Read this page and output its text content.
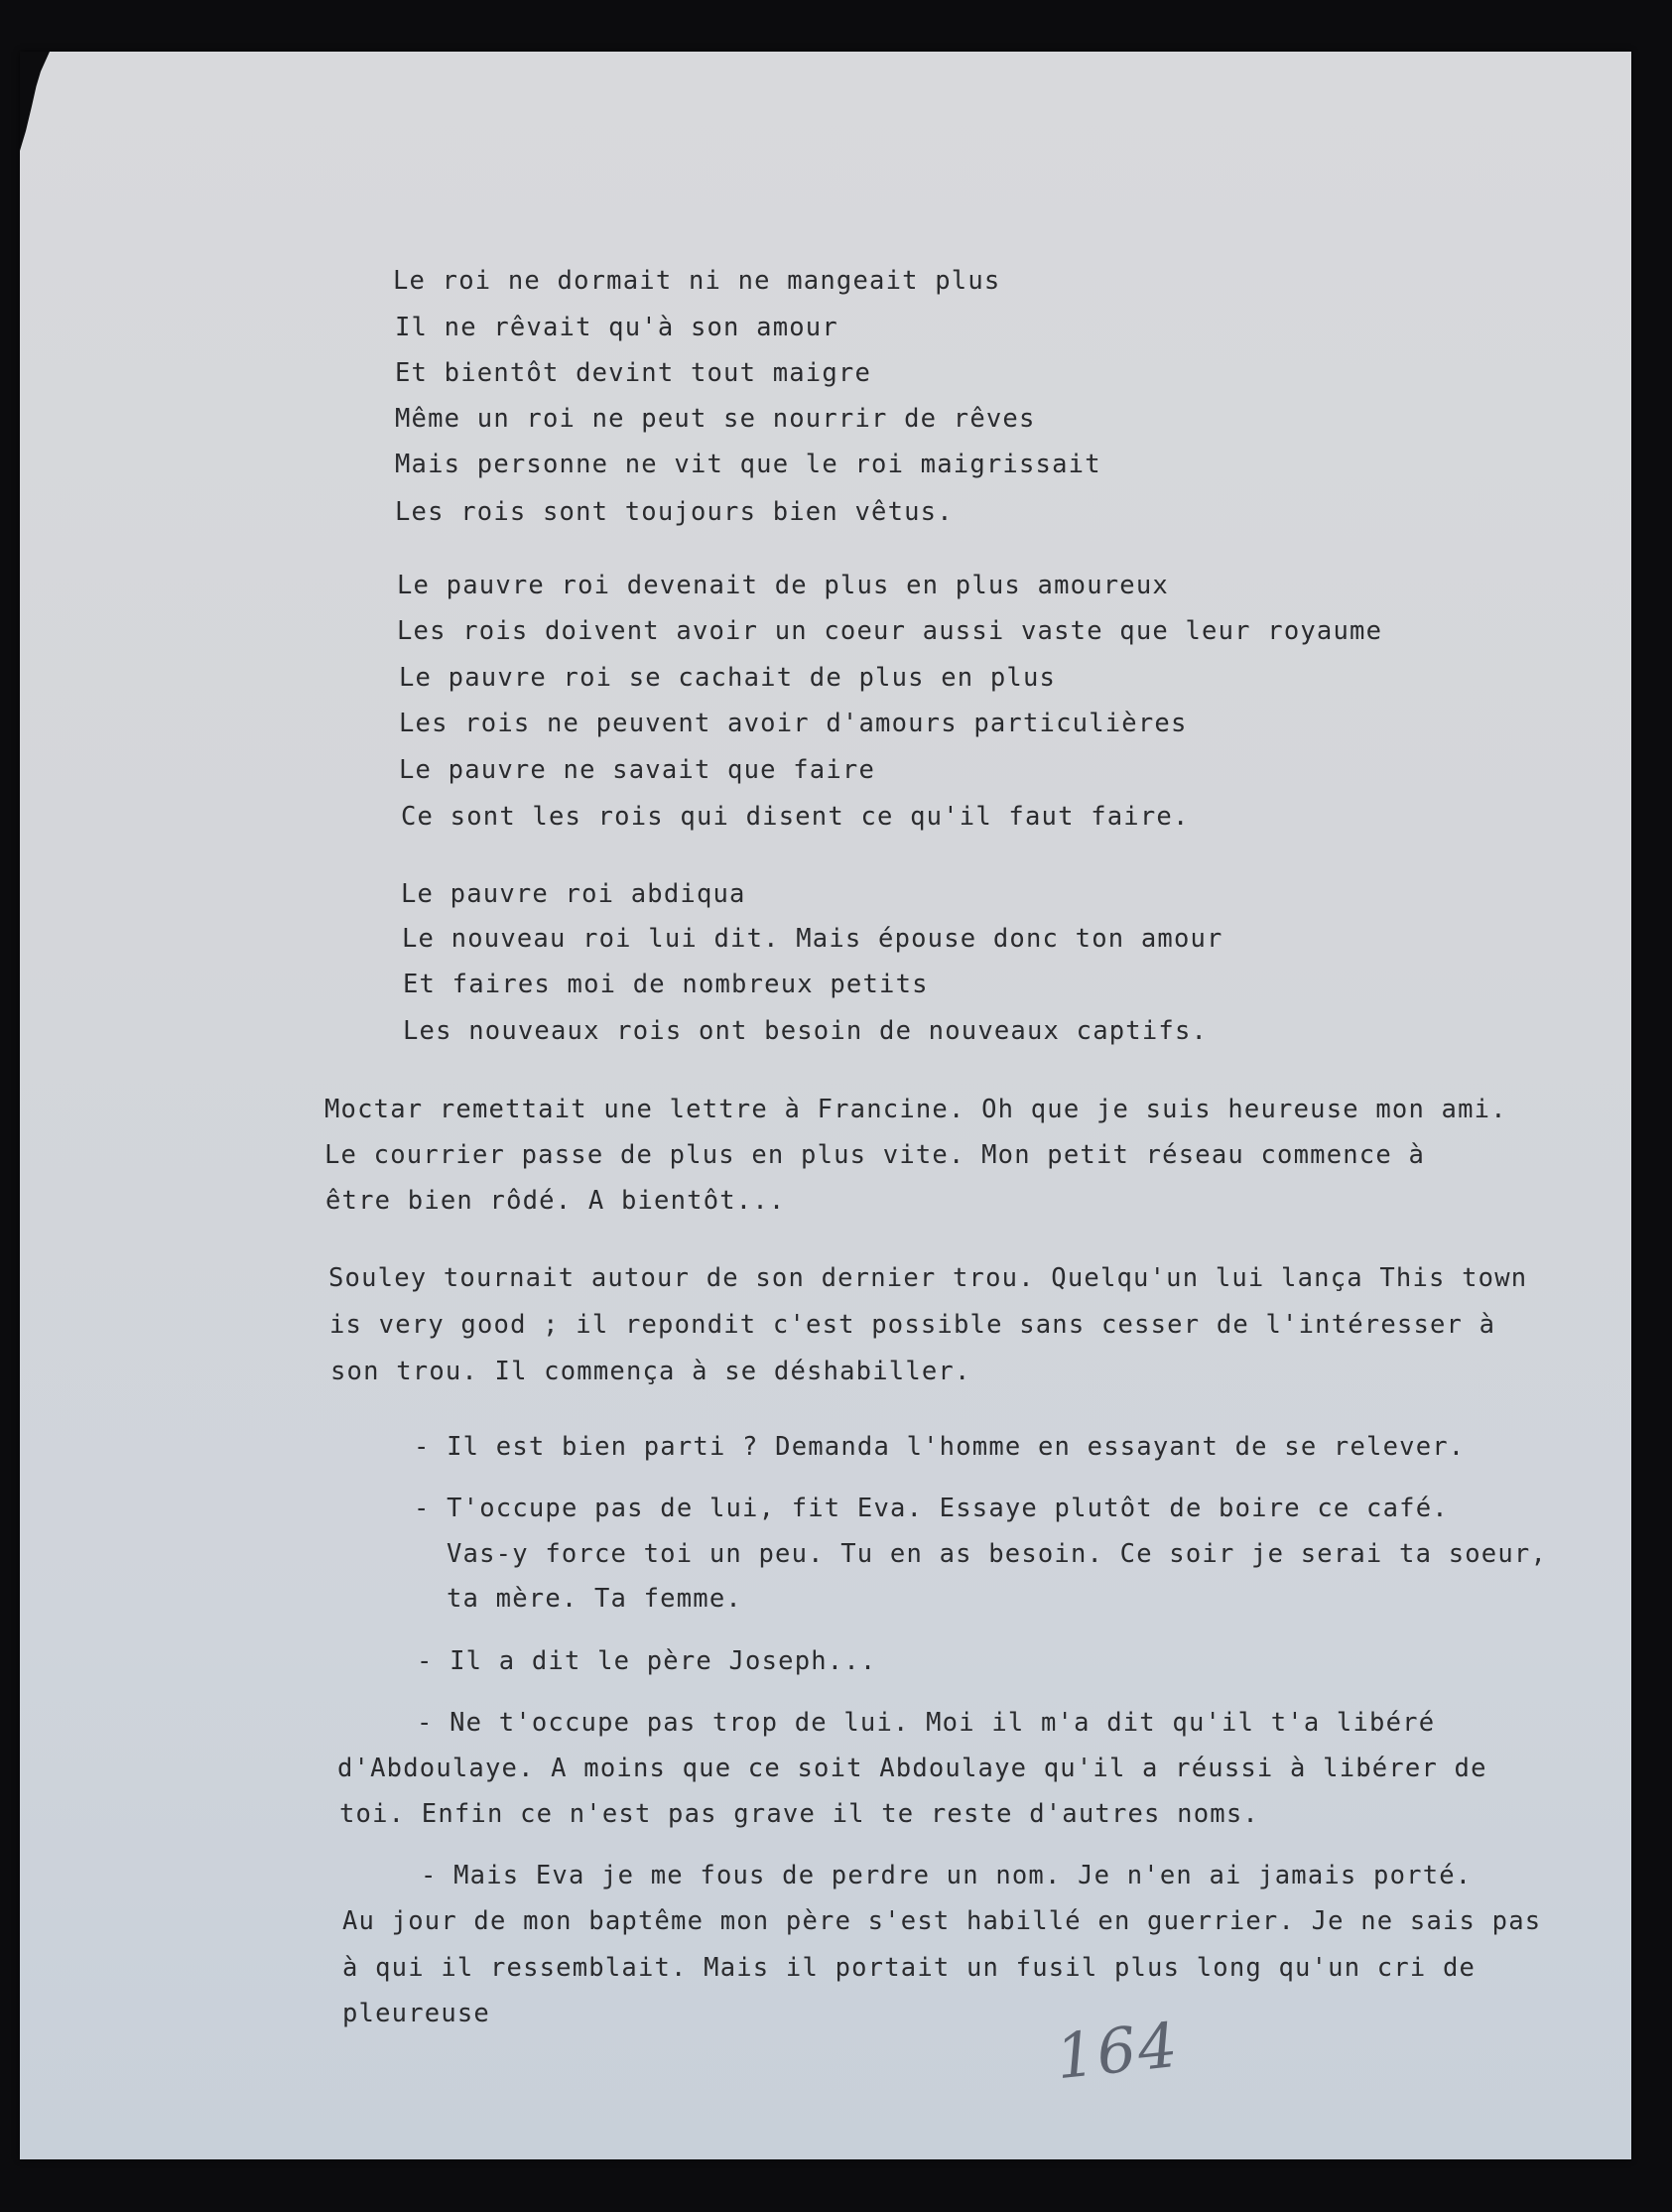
Le roi ne dormait ni ne mangeait plus

Il ne rêvait qu'à son amour

Et bientôt devint tout maigre

Même un roi ne peut se nourrir de rêves

Mais personne ne vit que le roi maigrissait

Les rois sont toujours bien vêtus.

Le pauvre roi devenait de plus en plus amoureux

Les rois doivent avoir un coeur aussi vaste que leur royaume

Le pauvre roi se cachait de plus en plus

Les rois ne peuvent avoir d'amours particulières

Le pauvre ne savait que faire

Ce sont les rois qui disent ce qu'il faut faire.

Le pauvre roi abdiqua

Le nouveau roi lui dit. Mais épouse donc ton amour

Et faires moi de nombreux petits

Les nouveaux rois ont besoin de nouveaux captifs.

Moctar remettait une lettre à Francine. Oh que je suis heureuse mon ami.

Le courrier passe de plus en plus vite. Mon petit réseau commence à

être bien rôdé. A bientôt...

Souley tournait autour de son dernier trou. Quelqu'un lui lança This town

is very good ; il repondit c'est possible sans cesser de l'intéresser à

son trou. Il commença à se déshabiller.

- Il est bien parti ? Demanda l'homme en essayant de se relever.

- T'occupe pas de lui, fit Eva. Essaye plutôt de boire ce café.

Vas-y force toi un peu. Tu en as besoin. Ce soir je serai ta soeur,

ta mère. Ta femme.

- Il a dit le père Joseph...

- Ne t'occupe pas trop de lui. Moi il m'a dit qu'il t'a libéré

d'Abdoulaye. A moins que ce soit Abdoulaye qu'il a réussi à libérer de

toi. Enfin ce n'est pas grave il te reste d'autres noms.

- Mais Eva je me fous de perdre un nom. Je n'en ai jamais porté.

Au jour de mon baptême mon père s'est habillé en guerrier. Je ne sais pas

à qui il ressemblait. Mais il portait un fusil plus long qu'un cri de

pleureuse	164
